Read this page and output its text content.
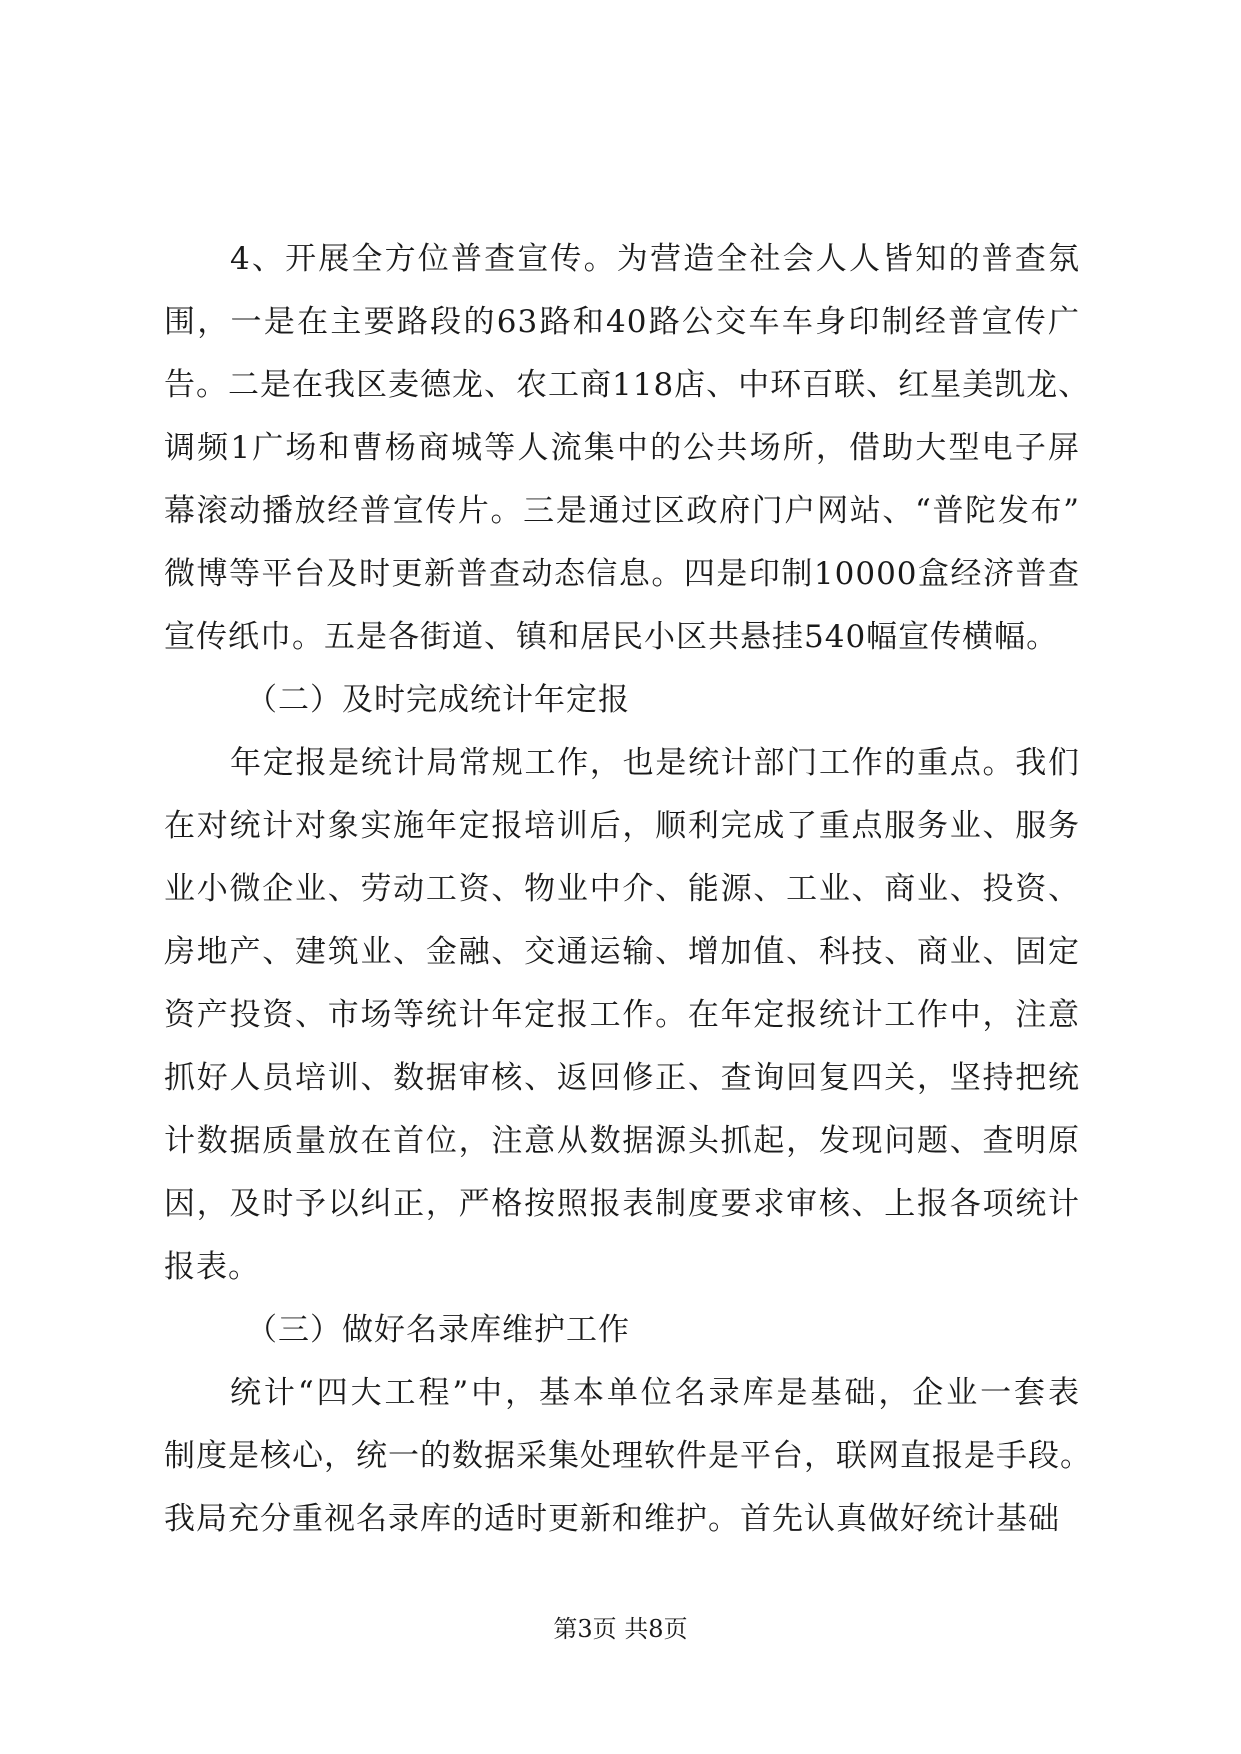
4、开展全方位普查宣传。为营造全社会人人皆知的普查氛
围，一是在主要路段的63路和40路公交车车身印制经普宣传广
告。二是在我区麦德龙、农工商118店、中环百联、红星美凯龙、
调频1广场和曹杨商城等人流集中的公共场所，借助大型电子屏
幕滚动播放经普宣传片。三是通过区政府门户网站、“普陀发布”
微博等平台及时更新普查动态信息。四是印制10000盒经济普查
宣传纸巾。五是各街道、镇和居民小区共悬挂540幅宣传横幅。
（二）及时完成统计年定报
年定报是统计局常规工作，也是统计部门工作的重点。我们
在对统计对象实施年定报培训后，顺利完成了重点服务业、服务
业小微企业、劳动工资、物业中介、能源、工业、商业、投资、
房地产、建筑业、金融、交通运输、增加值、科技、商业、固定
资产投资、市场等统计年定报工作。在年定报统计工作中，注意
抓好人员培训、数据审核、返回修正、查询回复四关，坚持把统
计数据质量放在首位，注意从数据源头抓起，发现问题、查明原
因，及时予以纠正，严格按照报表制度要求审核、上报各项统计
报表。
（三）做好名录库维护工作
统计“四大工程”中，基本单位名录库是基础，企业一套表
制度是核心，统一的数据采集处理软件是平台，联网直报是手段。
我局充分重视名录库的适时更新和维护。首先认真做好统计基础
第3页 共8页
